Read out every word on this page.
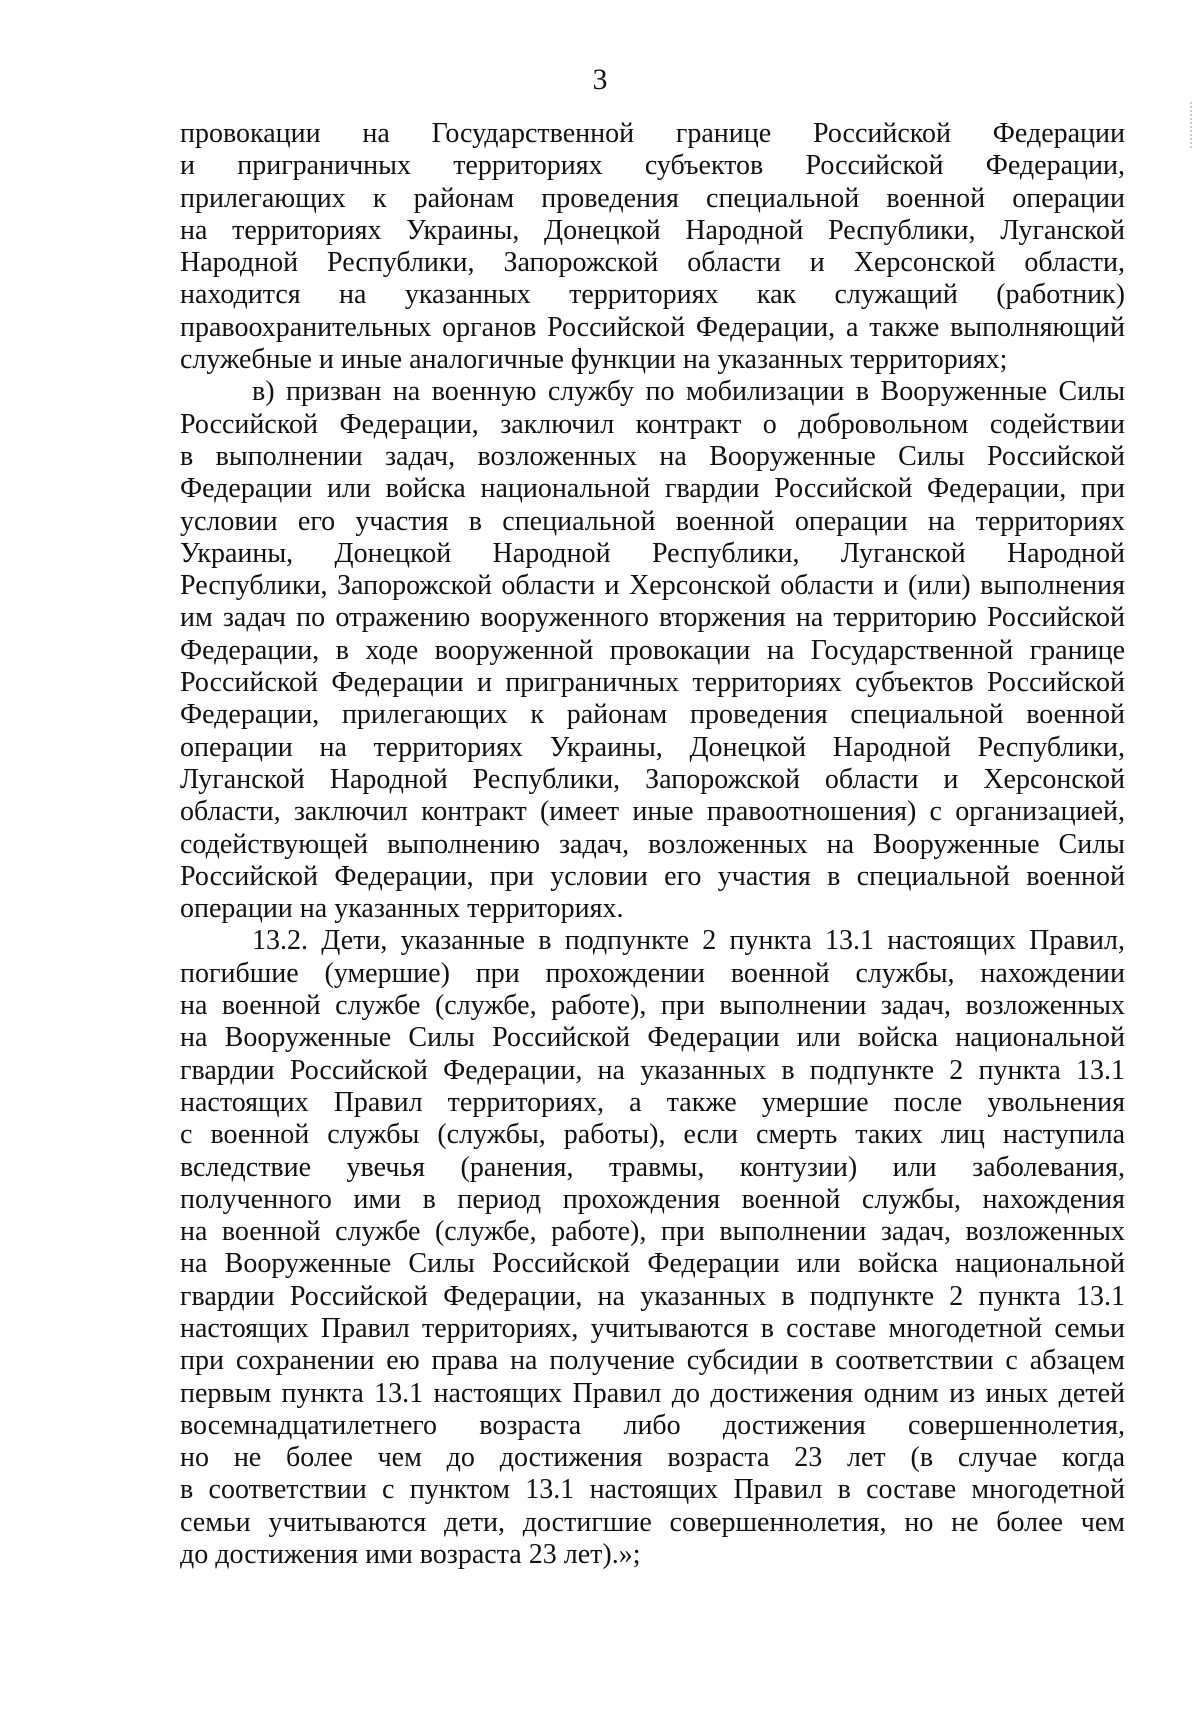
3
провокации на Государственной границе Российской Федерации
и приграничных территориях субъектов Российской Федерации,
прилегающих к районам проведения специальной военной операции
на территориях Украины, Донецкой Народной Республики, Луганской
Народной Республики, Запорожской области и Херсонской области,
находится на указанных территориях как служащий (работник)
правоохранительных органов Российской Федерации, а также выполняющий
служебные и иные аналогичные функции на указанных территориях;
в) призван на военную службу по мобилизации в Вооруженные Силы
Российской Федерации, заключил контракт о добровольном содействии
в выполнении задач, возложенных на Вооруженные Силы Российской
Федерации или войска национальной гвардии Российской Федерации, при
условии его участия в специальной военной операции на территориях
Украины, Донецкой Народной Республики, Луганской Народной
Республики, Запорожской области и Херсонской области и (или) выполнения
им задач по отражению вооруженного вторжения на территорию Российской
Федерации, в ходе вооруженной провокации на Государственной границе
Российской Федерации и приграничных территориях субъектов Российской
Федерации, прилегающих к районам проведения специальной военной
операции на территориях Украины, Донецкой Народной Республики,
Луганской Народной Республики, Запорожской области и Херсонской
области, заключил контракт (имеет иные правоотношения) с организацией,
содействующей выполнению задач, возложенных на Вооруженные Силы
Российской Федерации, при условии его участия в специальной военной
операции на указанных территориях.
13.2. Дети, указанные в подпункте 2 пункта 13.1 настоящих Правил,
погибшие (умершие) при прохождении военной службы, нахождении
на военной службе (службе, работе), при выполнении задач, возложенных
на Вооруженные Силы Российской Федерации или войска национальной
гвардии Российской Федерации, на указанных в подпункте 2 пункта 13.1
настоящих Правил территориях, а также умершие после увольнения
с военной службы (службы, работы), если смерть таких лиц наступила
вследствие увечья (ранения, травмы, контузии) или заболевания,
полученного ими в период прохождения военной службы, нахождения
на военной службе (службе, работе), при выполнении задач, возложенных
на Вооруженные Силы Российской Федерации или войска национальной
гвардии Российской Федерации, на указанных в подпункте 2 пункта 13.1
настоящих Правил территориях, учитываются в составе многодетной семьи
при сохранении ею права на получение субсидии в соответствии с абзацем
первым пункта 13.1 настоящих Правил до достижения одним из иных детей
восемнадцатилетнего возраста либо достижения совершеннолетия,
но не более чем до достижения возраста 23 лет (в случае когда
в соответствии с пунктом 13.1 настоящих Правил в составе многодетной
семьи учитываются дети, достигшие совершеннолетия, но не более чем
до достижения ими возраста 23 лет).»;
